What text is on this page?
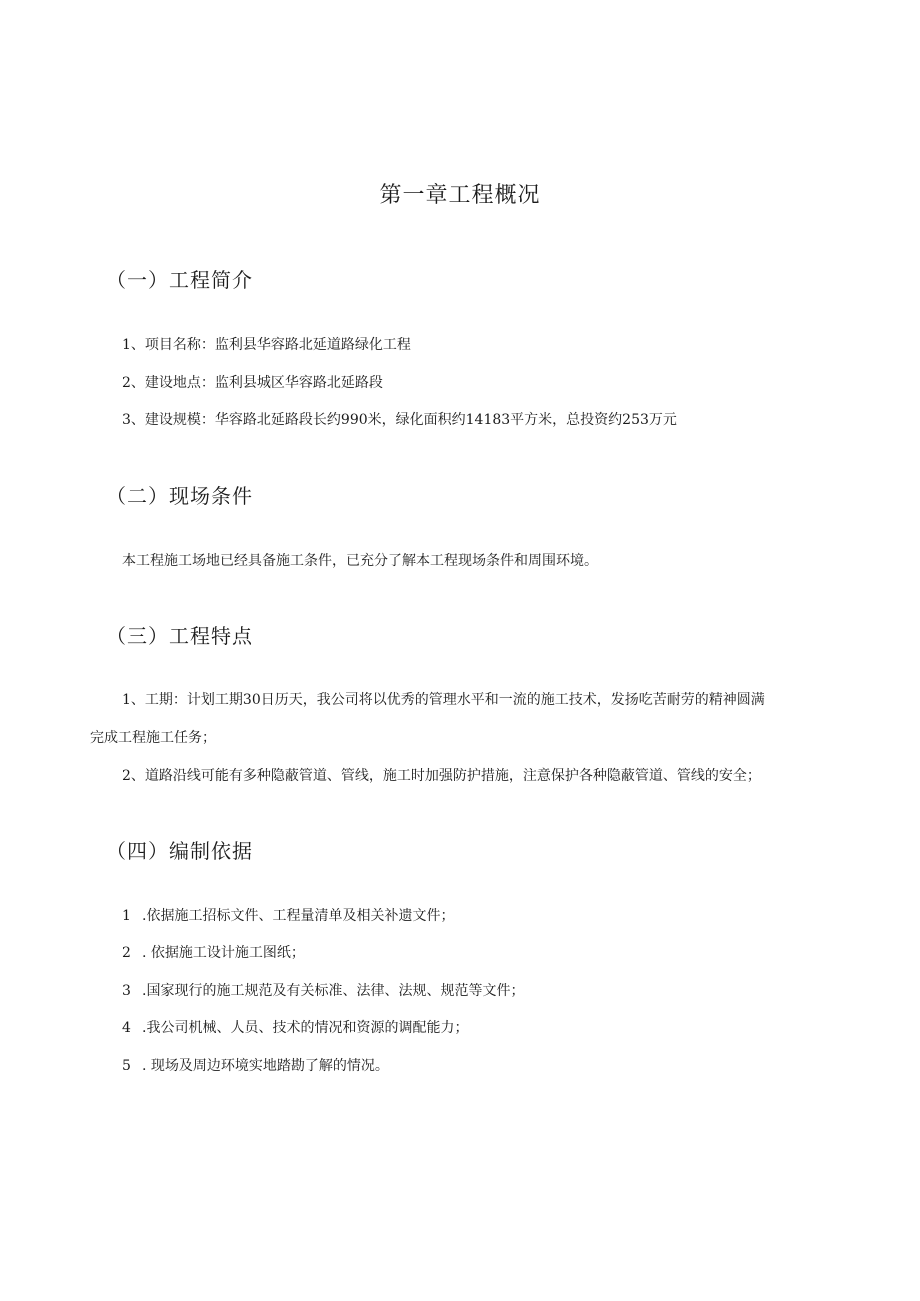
第一章工程概况
（一）工程简介
1、项目名称：监利县华容路北延道路绿化工程
2、建设地点：监利县城区华容路北延路段
3、建设规模：华容路北延路段长约990米，绿化面积约14183平方米，总投资约253万元
（二）现场条件
本工程施工场地已经具备施工条件，已充分了解本工程现场条件和周围环境。
（三）工程特点
1、工期：计划工期30日历天，我公司将以优秀的管理水平和一流的施工技术，发扬吃苦耐劳的精神圆满
完成工程施工任务；
2、道路沿线可能有多种隐蔽管道、管线，施工时加强防护措施，注意保护各种隐蔽管道、管线的安全；
（四）编制依据
1 .依据施工招标文件、工程量清单及相关补遗文件；
2 . 依据施工设计施工图纸；
3 .国家现行的施工规范及有关标准、法律、法规、规范等文件；
4 .我公司机械、人员、技术的情况和资源的调配能力；
5 . 现场及周边环境实地踏勘了解的情况。
